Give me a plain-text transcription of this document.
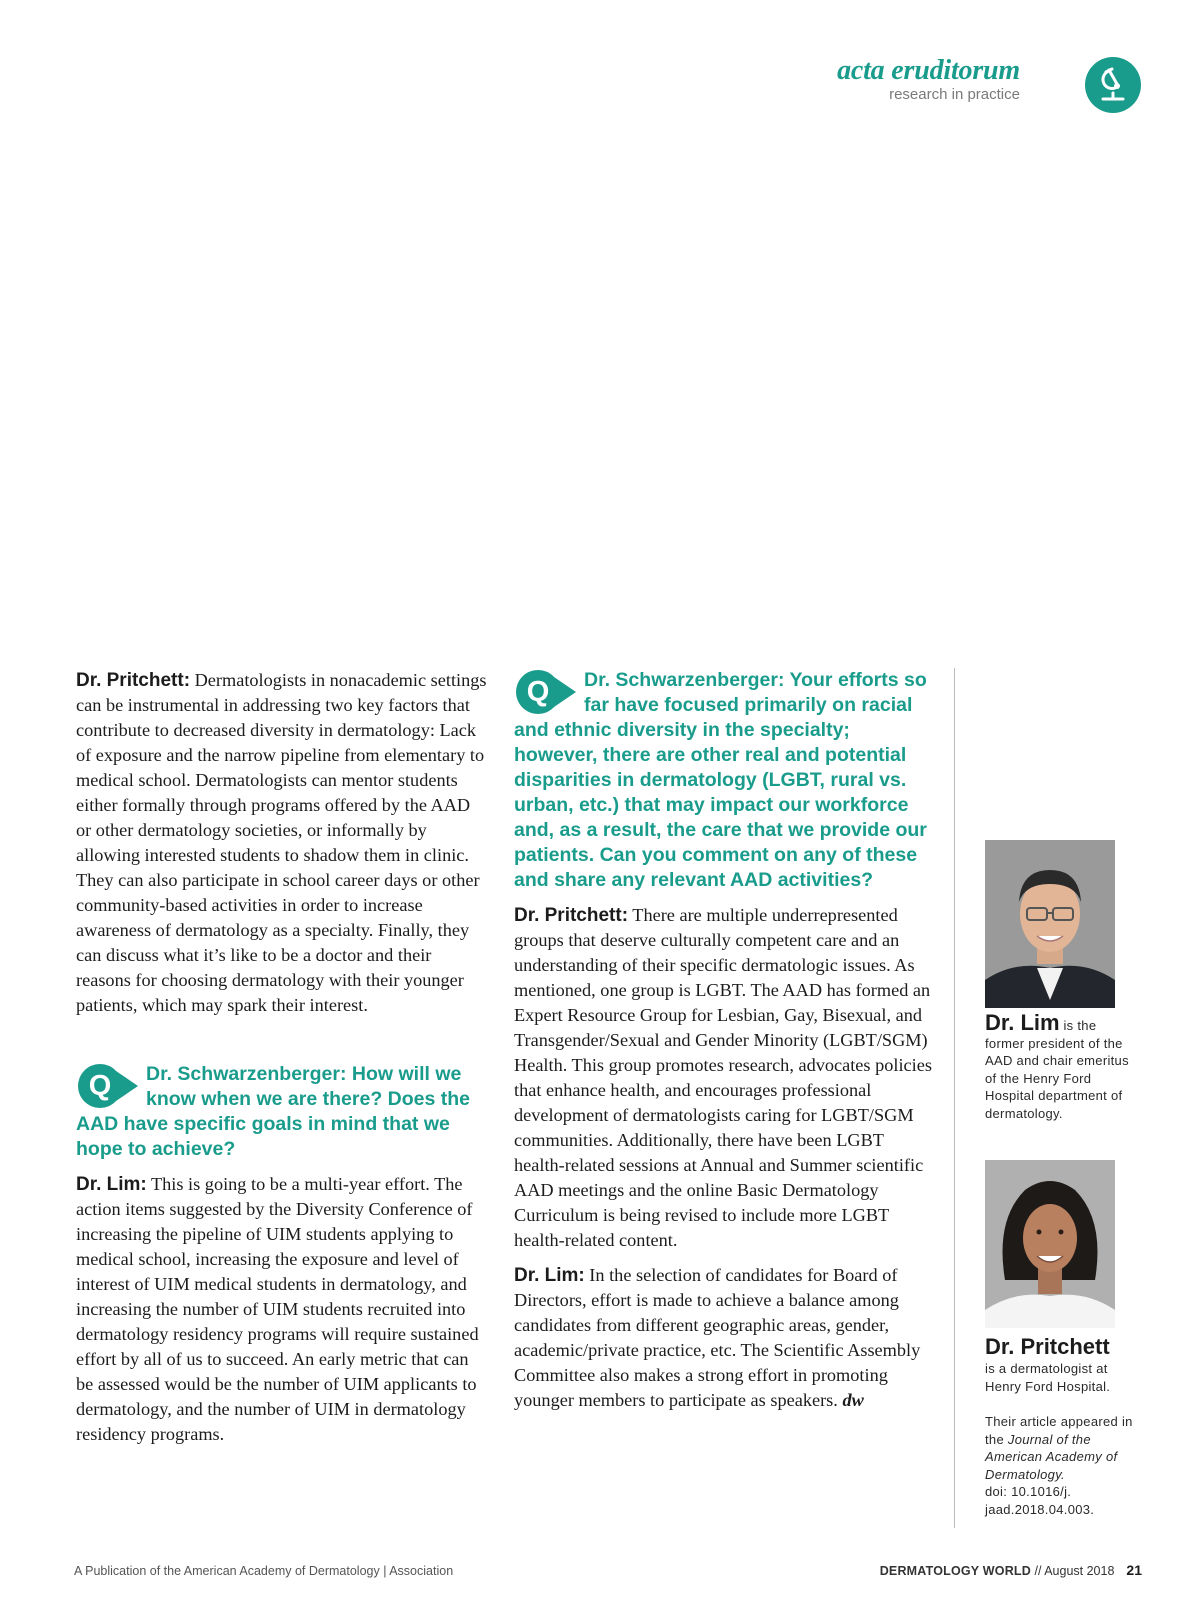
acta eruditorum
research in practice

Dr. Pritchett: Dermatologists in nonacademic settings can be instrumental in addressing two key factors that contribute to decreased diversity in dermatology: Lack of exposure and the narrow pipeline from elementary to medical school. Dermatologists can mentor students either formally through programs offered by the AAD or other dermatology societies, or informally by allowing interested students to shadow them in clinic. They can also participate in school career days or other community-based activities in order to increase awareness of dermatology as a specialty. Finally, they can discuss what it’s like to be a doctor and their reasons for choosing dermatology with their younger patients, which may spark their interest.

Q	Dr. Schwarzenberger: How will we know when we are there? Does the AAD have specific goals in mind that we hope to achieve?

Dr. Lim: This is going to be a multi-year effort. The action items suggested by the Diversity Conference of increasing the pipeline of UIM students applying to medical school, increasing the exposure and level of interest of UIM medical students in dermatology, and increasing the number of UIM students recruited into dermatology residency programs will require sustained effort by all of us to succeed. An early metric that can be assessed would be the number of UIM applicants to dermatology, and the number of UIM in dermatology residency programs.

Q	Dr. Schwarzenberger: Your efforts so far have focused primarily on racial and ethnic diversity in the specialty; however, there are other real and potential disparities in dermatology (LGBT, rural vs. urban, etc.) that may impact our workforce and, as a result, the care that we provide our patients. Can you comment on any of these and share any relevant AAD activities?

Dr. Pritchett: There are multiple underrepresented groups that deserve culturally competent care and an understanding of their specific dermatologic issues. As mentioned, one group is LGBT. The AAD has formed an Expert Resource Group for Lesbian, Gay, Bisexual, and Transgender/Sexual and Gender Minority (LGBT/SGM) Health. This group promotes research, advocates policies that enhance health, and encourages professional development of dermatologists caring for LGBT/SGM communities. Additionally, there have been LGBT health-related sessions at Annual and Summer scientific AAD meetings and the online Basic Dermatology Curriculum is being revised to include more LGBT health-related content.

Dr. Lim: In the selection of candidates for Board of Directors, effort is made to achieve a balance among candidates from different geographic areas, gender, academic/private practice, etc. The Scientific Assembly Committee also makes a strong effort in promoting younger members to participate as speakers. dw

Dr. Lim is the former president of the AAD and chair emeritus of the Henry Ford Hospital department of dermatology.
Dr. Pritchett
is a dermatologist at Henry Ford Hospital.
Their article appeared in the Journal of the American Academy of Dermatology.
doi: 10.1016/j. jaad.2018.04.003.
A Publication of the American Academy of Dermatology | Association	DERMATOLOGY WORLD // August 2018 21
